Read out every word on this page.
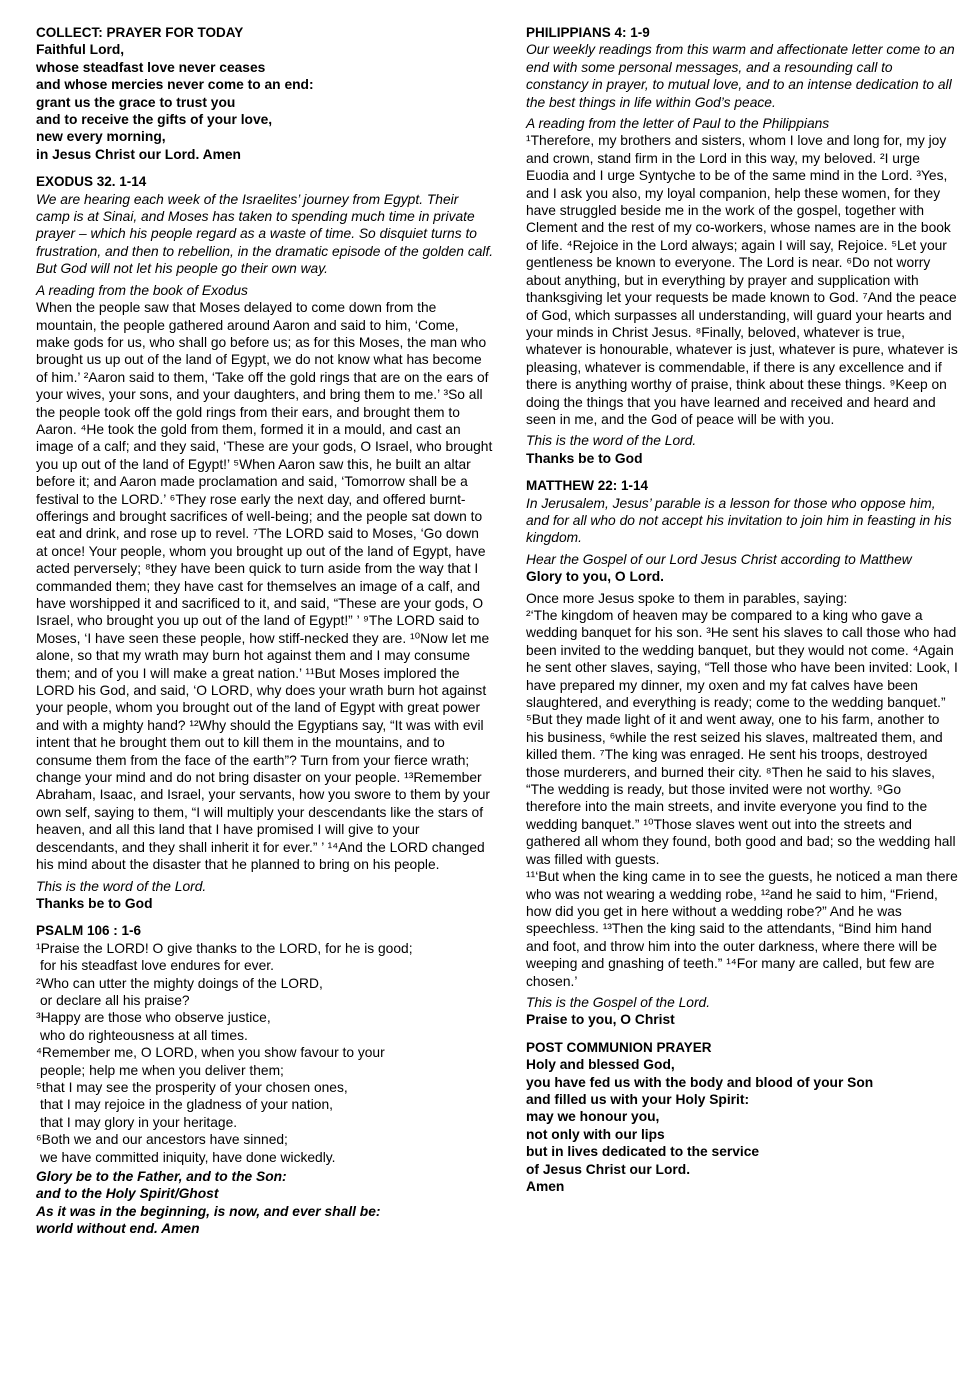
COLLECT: PRAYER FOR TODAY
Faithful Lord,
whose steadfast love never ceases
and whose mercies never come to an end:
grant us the grace to trust you
and to receive the gifts of your love,
new every morning,
in Jesus Christ our Lord. Amen
EXODUS 32. 1-14

We are hearing each week of the Israelites’ journey from Egypt. Their camp is at Sinai, and Moses has taken to spending much time in private prayer – which his people regard as a waste of time. So disquiet turns to frustration, and then to rebellion, in the dramatic episode of the golden calf. But God will not let his people go their own way.

A reading from the book of Exodus

When the people saw that Moses delayed to come down from the mountain, the people gathered around Aaron and said to him, ‘Come, make gods for us, who shall go before us; as for this Moses, the man who brought us up out of the land of Egypt, we do not know what has become of him.’ ²Aaron said to them, ‘Take off the gold rings that are on the ears of your wives, your sons, and your daughters, and bring them to me.’ ³So all the people took off the gold rings from their ears, and brought them to Aaron. ⁴He took the gold from them, formed it in a mould, and cast an image of a calf; and they said, ‘These are your gods, O Israel, who brought you up out of the land of Egypt!’ ⁵When Aaron saw this, he built an altar before it; and Aaron made proclamation and said, ‘Tomorrow shall be a festival to the LORD.’ ⁶They rose early the next day, and offered burnt-offerings and brought sacrifices of well-being; and the people sat down to eat and drink, and rose up to revel. ⁷The LORD said to Moses, ‘Go down at once! Your people, whom you brought up out of the land of Egypt, have acted perversely; ⁸they have been quick to turn aside from the way that I commanded them; they have cast for themselves an image of a calf, and have worshipped it and sacrificed to it, and said, “These are your gods, O Israel, who brought you up out of the land of Egypt!” ’ ⁹The LORD said to Moses, ‘I have seen these people, how stiff-necked they are. ¹⁰Now let me alone, so that my wrath may burn hot against them and I may consume them; and of you I will make a great nation.’ ¹¹But Moses implored the LORD his God, and said, ‘O LORD, why does your wrath burn hot against your people, whom you brought out of the land of Egypt with great power and with a mighty hand? ¹²Why should the Egyptians say, “It was with evil intent that he brought them out to kill them in the mountains, and to consume them from the face of the earth”? Turn from your fierce wrath; change your mind and do not bring disaster on your people. ¹³Remember Abraham, Isaac, and Israel, your servants, how you swore to them by your own self, saying to them, “I will multiply your descendants like the stars of heaven, and all this land that I have promised I will give to your descendants, and they shall inherit it for ever.” ’ ¹⁴And the LORD changed his mind about the disaster that he planned to bring on his people.

This is the word of the Lord.

Thanks be to God

PSALM 106 : 1-6
¹Praise the LORD! O give thanks to the LORD, for he is good;
for his steadfast love endures for ever.
²Who can utter the mighty doings of the LORD,
or declare all his praise?
³Happy are those who observe justice,
who do righteousness at all times.
⁴Remember me, O LORD, when you show favour to your
people; help me when you deliver them;
⁵that I may see the prosperity of your chosen ones,
that I may rejoice in the gladness of your nation,
that I may glory in your heritage.
⁶Both we and our ancestors have sinned;
we have committed iniquity, have done wickedly.
Glory be to the Father, and to the Son:
and to the Holy Spirit/Ghost
As it was in the beginning, is now, and ever shall be:
world without end. Amen
PHILIPPIANS 4: 1-9

Our weekly readings from this warm and affectionate letter come to an end with some personal messages, and a resounding call to constancy in prayer, to mutual love, and to an intense dedication to all the best things in life within God’s peace.

A reading from the letter of Paul to the Philippians

¹Therefore, my brothers and sisters, whom I love and long for, my joy and crown, stand firm in the Lord in this way, my beloved. ²I urge Euodia and I urge Syntyche to be of the same mind in the Lord. ³Yes, and I ask you also, my loyal companion, help these women, for they have struggled beside me in the work of the gospel, together with Clement and the rest of my co-workers, whose names are in the book of life. ⁴Rejoice in the Lord always; again I will say, Rejoice. ⁵Let your gentleness be known to everyone. The Lord is near. ⁶Do not worry about anything, but in everything by prayer and supplication with thanksgiving let your requests be made known to God. ⁷And the peace of God, which surpasses all understanding, will guard your hearts and your minds in Christ Jesus. ⁸Finally, beloved, whatever is true, whatever is honourable, whatever is just, whatever is pure, whatever is pleasing, whatever is commendable, if there is any excellence and if there is anything worthy of praise, think about these things. ⁹Keep on doing the things that you have learned and received and heard and seen in me, and the God of peace will be with you.

This is the word of the Lord.

Thanks be to God

MATTHEW 22: 1-14

In Jerusalem, Jesus’ parable is a lesson for those who oppose him, and for all who do not accept his invitation to join him in feasting in his kingdom.

Hear the Gospel of our Lord Jesus Christ according to Matthew

Glory to you, O Lord.

Once more Jesus spoke to them in parables, saying:

²‘The kingdom of heaven may be compared to a king who gave a wedding banquet for his son. ³He sent his slaves to call those who had been invited to the wedding banquet, but they would not come. ⁴Again he sent other slaves, saying, “Tell those who have been invited: Look, I have prepared my dinner, my oxen and my fat calves have been slaughtered, and everything is ready; come to the wedding banquet.” ⁵But they made light of it and went away, one to his farm, another to his business, ⁶while the rest seized his slaves, maltreated them, and killed them. ⁷The king was enraged. He sent his troops, destroyed those murderers, and burned their city. ⁸Then he said to his slaves, “The wedding is ready, but those invited were not worthy. ⁹Go therefore into the main streets, and invite everyone you find to the wedding banquet.” ¹⁰Those slaves went out into the streets and gathered all whom they found, both good and bad; so the wedding hall was filled with guests.

¹¹‘But when the king came in to see the guests, he noticed a man there who was not wearing a wedding robe, ¹²and he said to him, “Friend, how did you get in here without a wedding robe?” And he was speechless. ¹³Then the king said to the attendants, “Bind him hand and foot, and throw him into the outer darkness, where there will be weeping and gnashing of teeth.” ¹⁴For many are called, but few are chosen.’

This is the Gospel of the Lord.

Praise to you, O Christ

POST COMMUNION PRAYER
Holy and blessed God,
you have fed us with the body and blood of your Son
and filled us with your Holy Spirit:
may we honour you,
not only with our lips
but in lives dedicated to the service
of Jesus Christ our Lord.
Amen
